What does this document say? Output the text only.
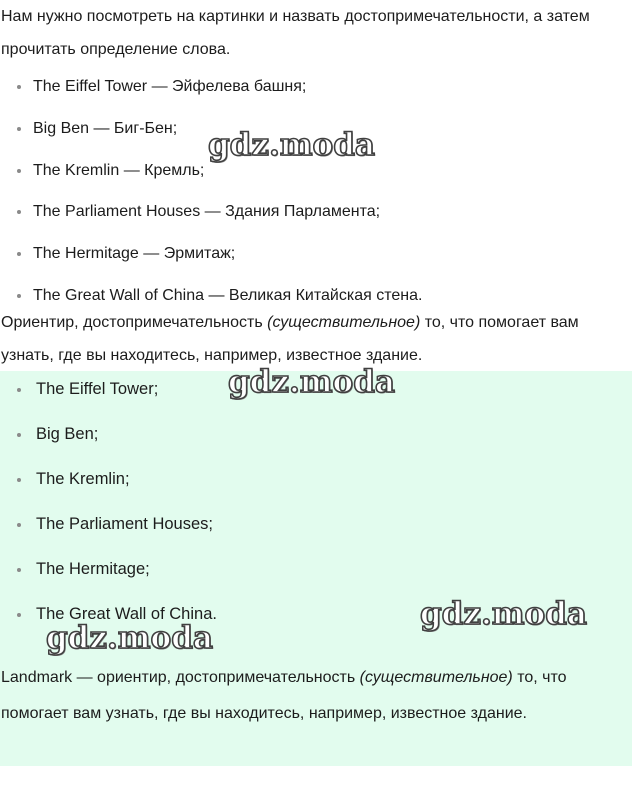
Нам нужно посмотреть на картинки и назвать достопримечательности, а затем прочитать определение слова.

The Eiffel Tower — Эйфелева башня;
Big Ben — Биг-Бен;
The Kremlin — Кремль;
The Parliament Houses — Здания Парламента;
The Hermitage — Эрмитаж;
The Great Wall of China — Великая Китайская стена.

Ориентир, достопримечательность (существительное) то, что помогает вам узнать, где вы находитесь, например, известное здание.

The Eiffel Tower;
Big Ben;
The Kremlin;
The Parliament Houses;
The Hermitage;
The Great Wall of China.

Landmark — ориентир, достопримечательность (существительное) то, что помогает вам узнать, где вы находитесь, например, известное здание.

gdz.moda
gdz.moda
gdz.moda
gdz.moda
